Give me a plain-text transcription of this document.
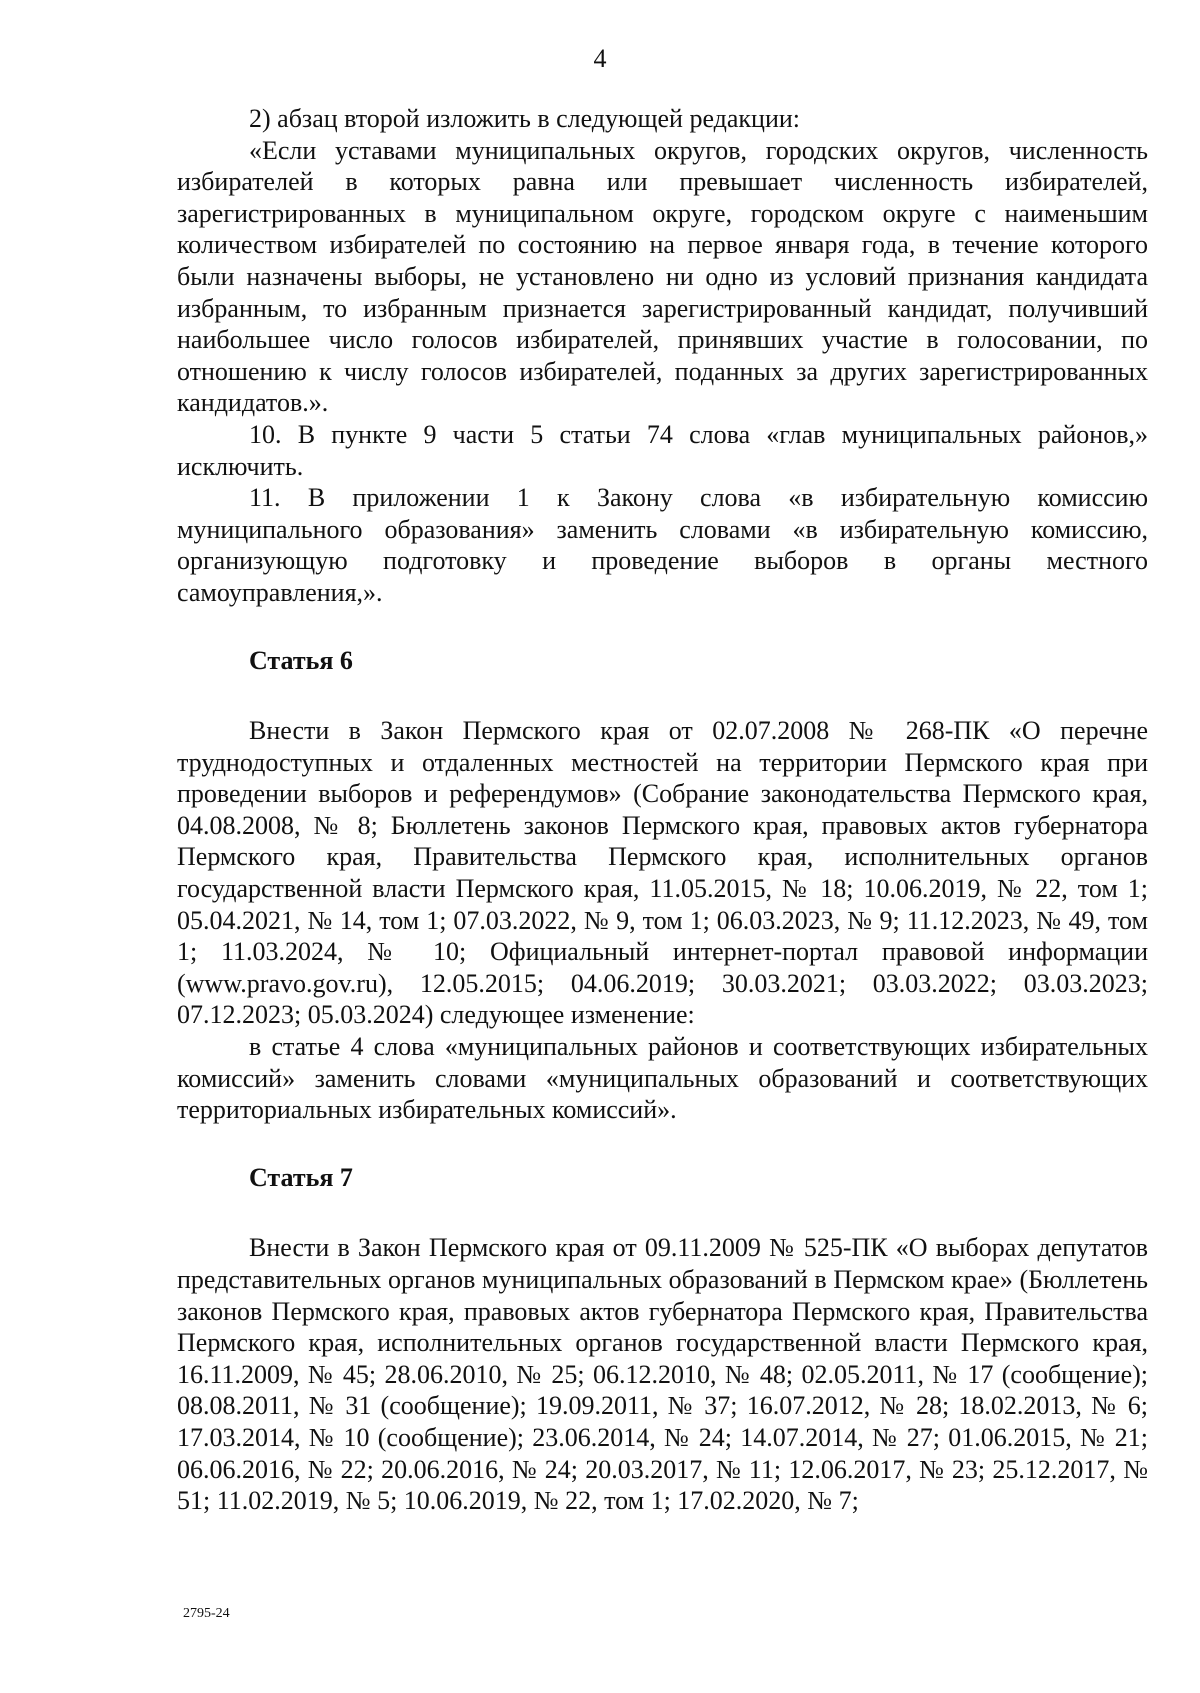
4

2) абзац второй изложить в следующей редакции:

«Если уставами муниципальных округов, городских округов, численность избирателей в которых равна или превышает численность избирателей, зарегистрированных в муниципальном округе, городском округе с наименьшим количеством избирателей по состоянию на первое января года, в течение которого были назначены выборы, не установлено ни одно из условий признания кандидата избранным, то избранным признается зарегистрированный кандидат, получивший наибольшее число голосов избирателей, принявших участие в голосовании, по отношению к числу голосов избирателей, поданных за других зарегистрированных кандидатов.».

10. В пункте 9 части 5 статьи 74 слова «глав муниципальных районов,» исключить.

11. В приложении 1 к Закону слова «в избирательную комиссию муниципального образования» заменить словами «в избирательную комиссию, организующую подготовку и проведение выборов в органы местного самоуправления,».

Статья 6

Внести в Закон Пермского края от 02.07.2008 № 268-ПК «О перечне труднодоступных и отдаленных местностей на территории Пермского края при проведении выборов и референдумов» (Собрание законодательства Пермского края, 04.08.2008, № 8; Бюллетень законов Пермского края, правовых актов губернатора Пермского края, Правительства Пермского края, исполнительных органов государственной власти Пермского края, 11.05.2015, № 18; 10.06.2019, № 22, том 1; 05.04.2021, № 14, том 1; 07.03.2022, № 9, том 1; 06.03.2023, № 9; 11.12.2023, № 49, том 1; 11.03.2024, № 10; Официальный интернет-портал правовой информации (www.pravo.gov.ru), 12.05.2015; 04.06.2019; 30.03.2021; 03.03.2022; 03.03.2023; 07.12.2023; 05.03.2024) следующее изменение:

в статье 4 слова «муниципальных районов и соответствующих избирательных комиссий» заменить словами «муниципальных образований и соответствующих территориальных избирательных комиссий».

Статья 7

Внести в Закон Пермского края от 09.11.2009 № 525-ПК «О выборах депутатов представительных органов муниципальных образований в Пермском крае» (Бюллетень законов Пермского края, правовых актов губернатора Пермского края, Правительства Пермского края, исполнительных органов государственной власти Пермского края, 16.11.2009, № 45; 28.06.2010, № 25; 06.12.2010, № 48; 02.05.2011, № 17 (сообщение); 08.08.2011, № 31 (сообщение); 19.09.2011, № 37; 16.07.2012, № 28; 18.02.2013, № 6; 17.03.2014, № 10 (сообщение); 23.06.2014, № 24; 14.07.2014, № 27; 01.06.2015, № 21; 06.06.2016, № 22; 20.06.2016, № 24; 20.03.2017, № 11; 12.06.2017, № 23; 25.12.2017, № 51; 11.02.2019, № 5; 10.06.2019, № 22, том 1; 17.02.2020, № 7;

2795-24
